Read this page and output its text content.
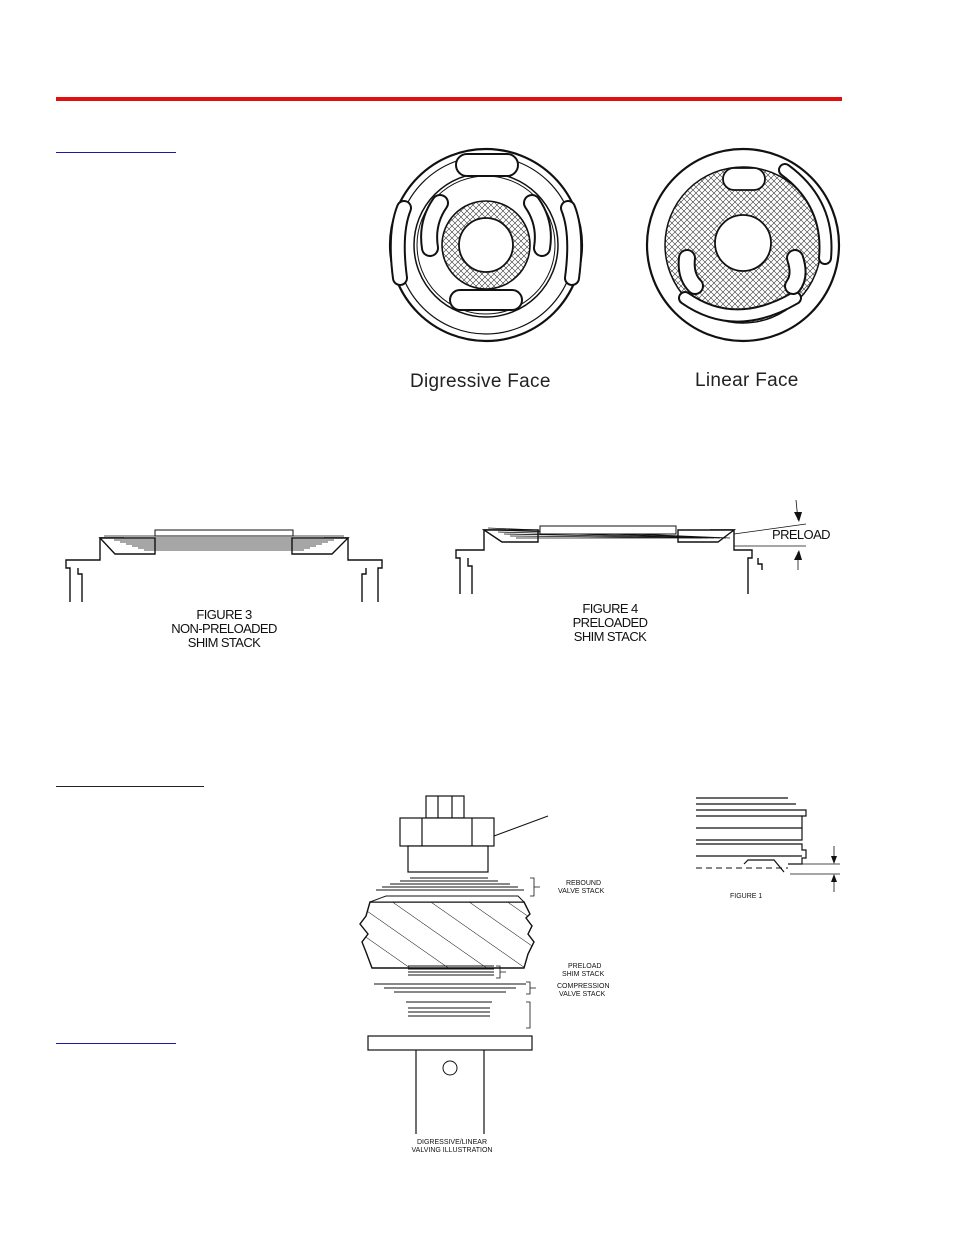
Digressive Face	Linear Face
FIGURE 3
NON-PRELOADED
SHIM STACK
PRELOAD
FIGURE 4
PRELOADED
SHIM STACK
REBOUND
VALVE STACK
PRELOAD
SHIM STACK
COMPRESSION
VALVE STACK
DIGRESSIVE/LINEAR
VALVING ILLUSTRATION
FIGURE 1
